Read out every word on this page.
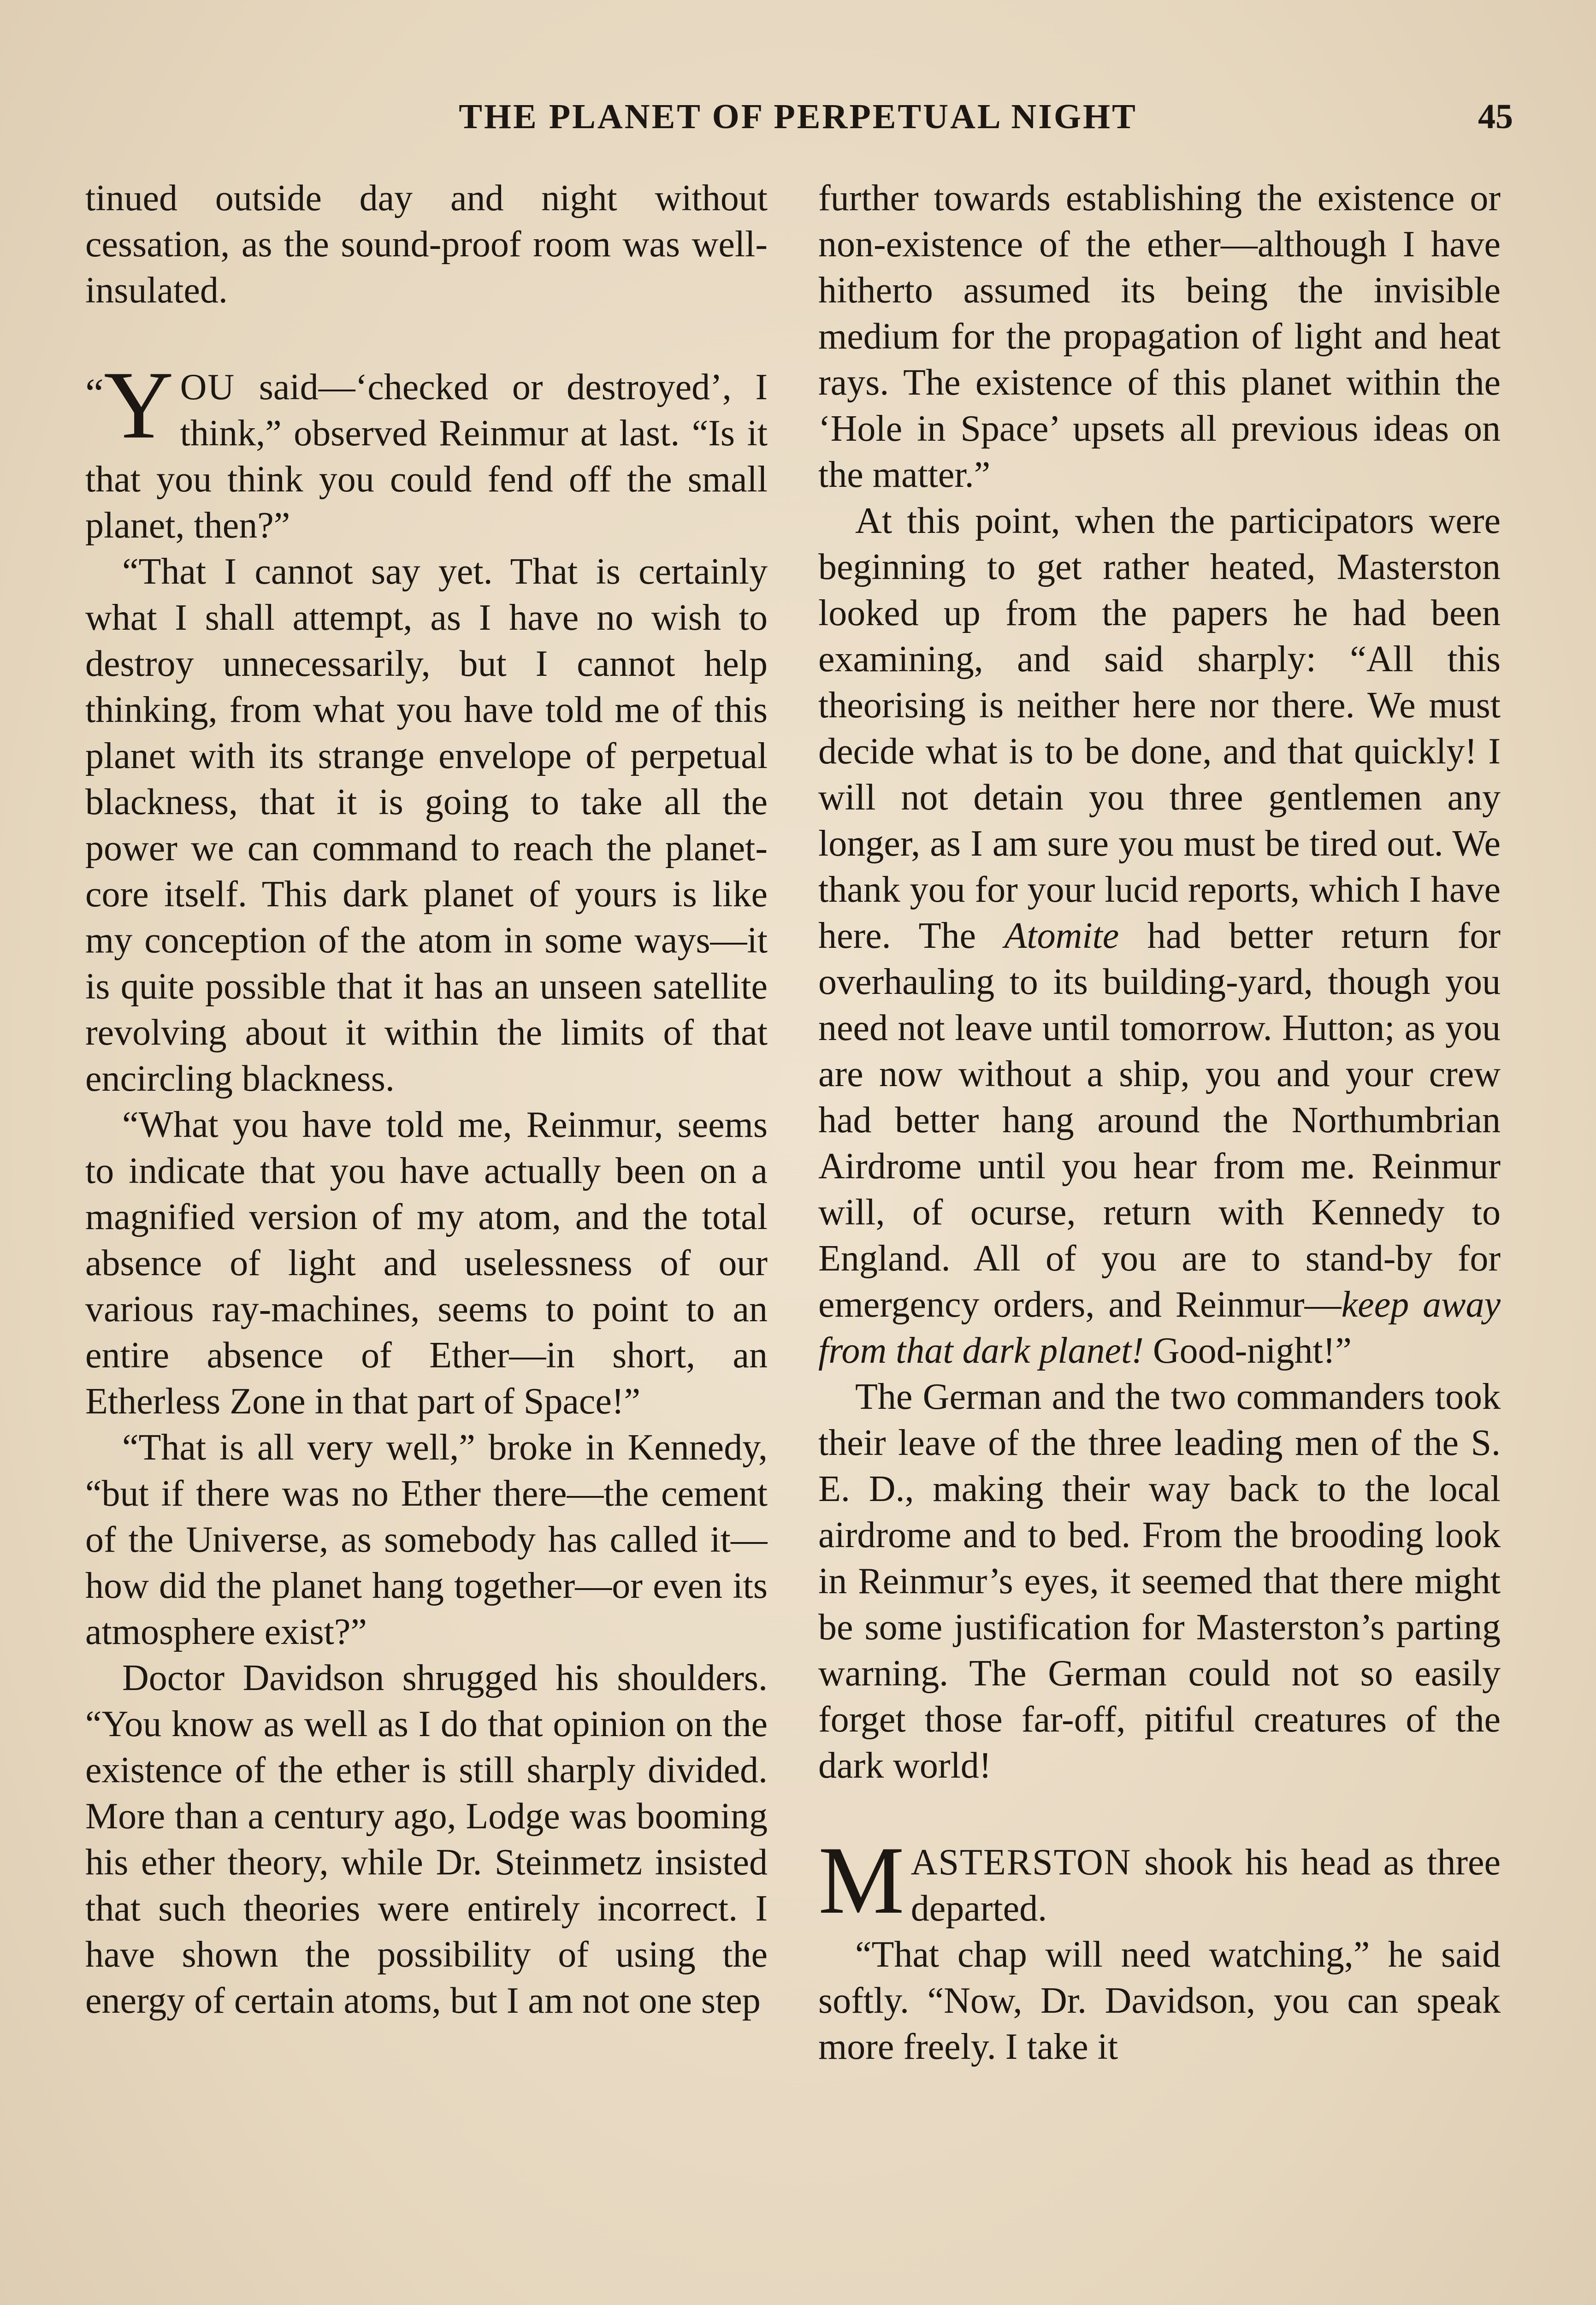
THE PLANET OF PERPETUAL NIGHT	45

tinued outside day and night without cessation, as the sound-proof room was well-insulated.

“Y OU said—‘checked or destroyed’, I think,” observed Reinmur at last. “Is it that you think you could fend off the small planet, then?”

“That I cannot say yet. That is certainly what I shall attempt, as I have no wish to destroy unnecessarily, but I cannot help thinking, from what you have told me of this planet with its strange envelope of perpetual blackness, that it is going to take all the power we can command to reach the planet-core itself. This dark planet of yours is like my conception of the atom in some ways—it is quite possible that it has an unseen satellite revolving about it within the limits of that encircling blackness.

“What you have told me, Reinmur, seems to indicate that you have actually been on a magnified version of my atom, and the total absence of light and uselessness of our various ray-machines, seems to point to an entire absence of Ether—in short, an Etherless Zone in that part of Space!”

“That is all very well,” broke in Kennedy, “but if there was no Ether there—the cement of the Universe, as somebody has called it—how did the planet hang together—or even its atmosphere exist?”

Doctor Davidson shrugged his shoulders. “You know as well as I do that opinion on the existence of the ether is still sharply divided. More than a century ago, Lodge was booming his ether theory, while Dr. Steinmetz insisted that such theories were entirely incorrect. I have shown the possibility of using the energy of certain atoms, but I am not one step

further towards establishing the existence or non-existence of the ether—although I have hitherto assumed its being the invisible medium for the propagation of light and heat rays. The existence of this planet within the ‘Hole in Space’ upsets all previous ideas on the matter.”

At this point, when the participators were beginning to get rather heated, Masterston looked up from the papers he had been examining, and said sharply: “All this theorising is neither here nor there. We must decide what is to be done, and that quickly! I will not detain you three gentlemen any longer, as I am sure you must be tired out. We thank you for your lucid reports, which I have here. The Atomite had better return for overhauling to its building-yard, though you need not leave until tomorrow. Hutton; as you are now without a ship, you and your crew had better hang around the Northumbrian Airdrome until you hear from me. Reinmur will, of ocurse, return with Kennedy to England. All of you are to stand-by for emergency orders, and Reinmur—keep away from that dark planet! Good-night!”

The German and the two commanders took their leave of the three leading men of the S. E. D., making their way back to the local airdrome and to bed. From the brooding look in Reinmur’s eyes, it seemed that there might be some justification for Masterston’s parting warning. The German could not so easily forget those far-off, pitiful creatures of the dark world!

MASTERSTON shook his head as three departed.

“That chap will need watching,” he said softly. “Now, Dr. Davidson, you can speak more freely. I take it
